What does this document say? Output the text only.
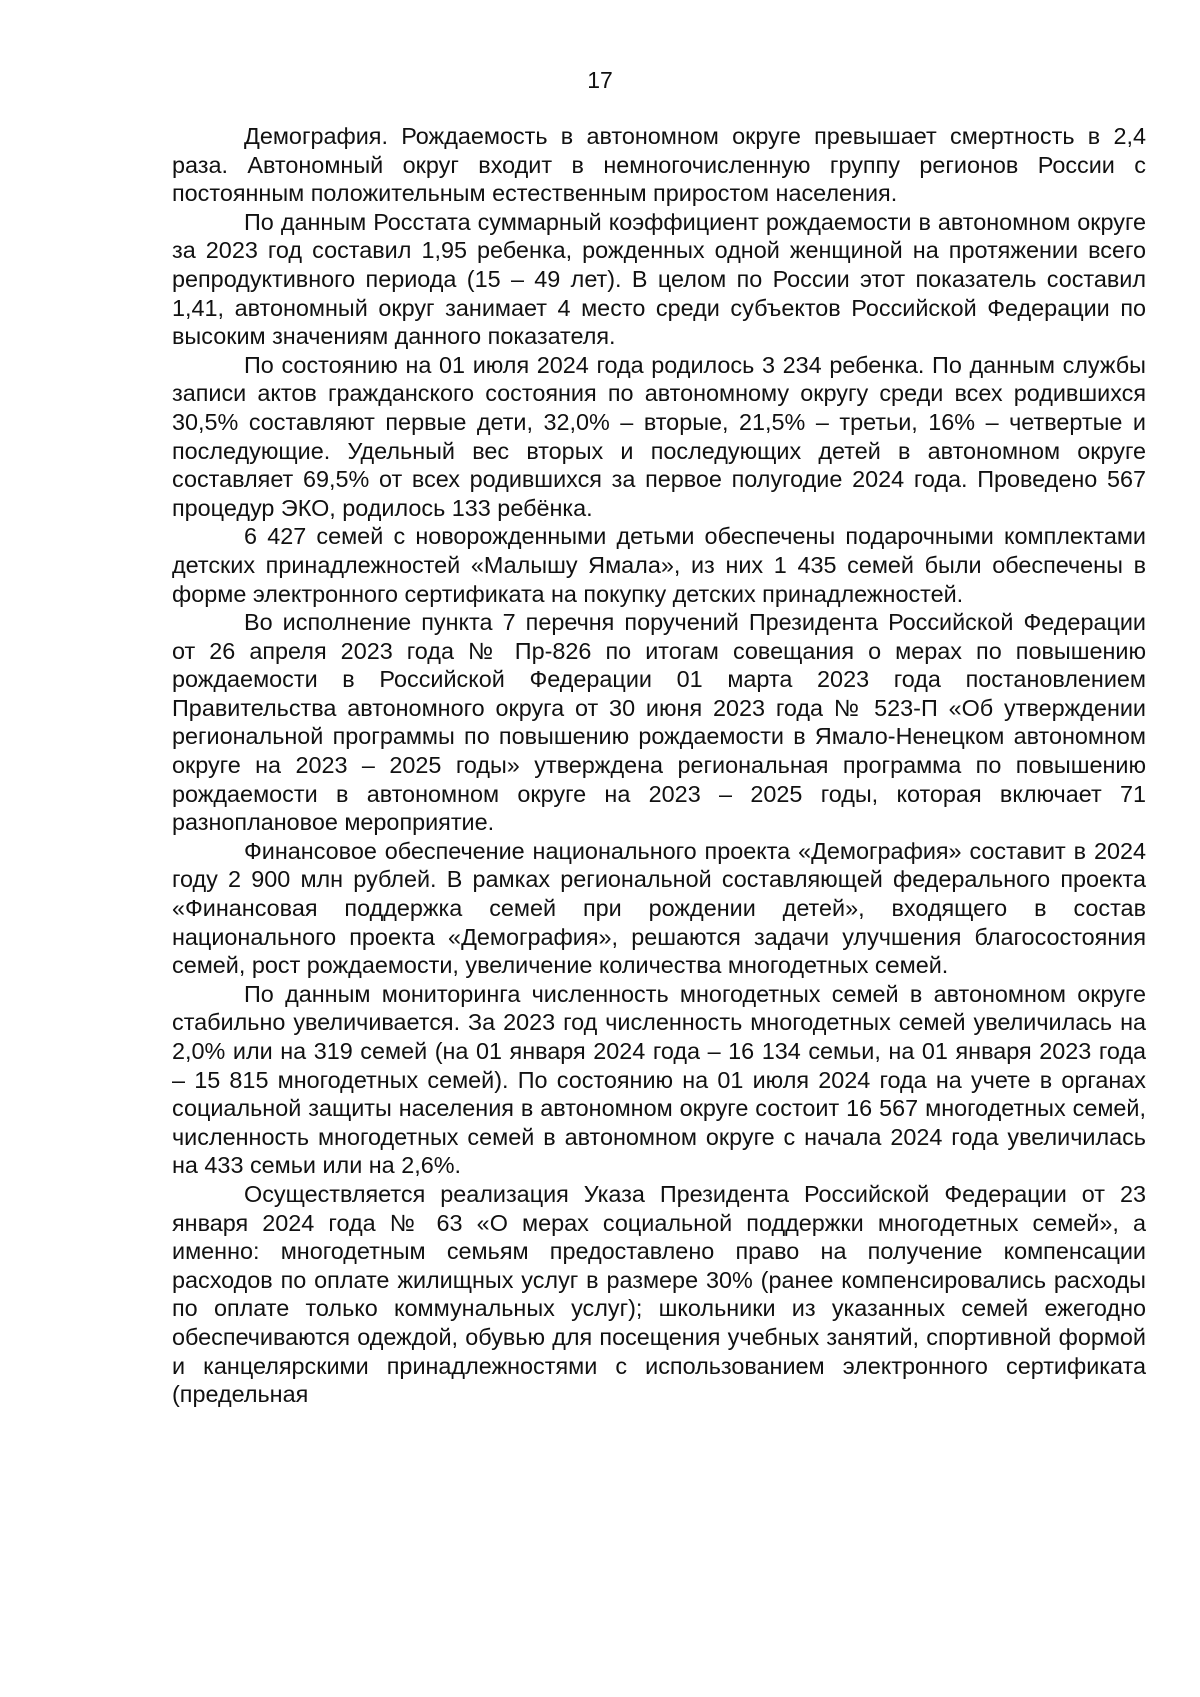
17

Демография. Рождаемость в автономном округе превышает смертность в 2,4 раза. Автономный округ входит в немногочисленную группу регионов России с постоянным положительным естественным приростом населения.

По данным Росстата суммарный коэффициент рождаемости в автономном округе за 2023 год составил 1,95 ребенка, рожденных одной женщиной на протяжении всего репродуктивного периода (15 – 49 лет). В целом по России этот показатель составил 1,41, автономный округ занимает 4 место среди субъектов Российской Федерации по высоким значениям данного показателя.

По состоянию на 01 июля 2024 года родилось 3 234 ребенка. По данным службы записи актов гражданского состояния по автономному округу среди всех родившихся 30,5% составляют первые дети, 32,0% – вторые, 21,5% – третьи, 16% – четвертые и последующие. Удельный вес вторых и последующих детей в автономном округе составляет 69,5% от всех родившихся за первое полугодие 2024 года. Проведено 567 процедур ЭКО, родилось 133 ребёнка.

6 427 семей с новорожденными детьми обеспечены подарочными комплектами детских принадлежностей «Малышу Ямала», из них 1 435 семей были обеспечены в форме электронного сертификата на покупку детских принадлежностей.

Во исполнение пункта 7 перечня поручений Президента Российской Федерации от 26 апреля 2023 года № Пр-826 по итогам совещания о мерах по повышению рождаемости в Российской Федерации 01 марта 2023 года постановлением Правительства автономного округа от 30 июня 2023 года № 523-П «Об утверждении региональной программы по повышению рождаемости в Ямало-Ненецком автономном округе на 2023 – 2025 годы» утверждена региональная программа по повышению рождаемости в автономном округе на 2023 – 2025 годы, которая включает 71 разноплановое мероприятие.

Финансовое обеспечение национального проекта «Демография» составит в 2024 году 2 900 млн рублей. В рамках региональной составляющей федерального проекта «Финансовая поддержка семей при рождении детей», входящего в состав национального проекта «Демография», решаются задачи улучшения благосостояния семей, рост рождаемости, увеличение количества многодетных семей.

По данным мониторинга численность многодетных семей в автономном округе стабильно увеличивается. За 2023 год численность многодетных семей увеличилась на 2,0% или на 319 семей (на 01 января 2024 года – 16 134 семьи, на 01 января 2023 года – 15 815 многодетных семей). По состоянию на 01 июля 2024 года на учете в органах социальной защиты населения в автономном округе состоит 16 567 многодетных семей, численность многодетных семей в автономном округе с начала 2024 года увеличилась на 433 семьи или на 2,6%.

Осуществляется реализация Указа Президента Российской Федерации от 23 января 2024 года № 63 «О мерах социальной поддержки многодетных семей», а именно: многодетным семьям предоставлено право на получение компенсации расходов по оплате жилищных услуг в размере 30% (ранее компенсировались расходы по оплате только коммунальных услуг); школьники из указанных семей ежегодно обеспечиваются одеждой, обувью для посещения учебных занятий, спортивной формой и канцелярскими принадлежностями с использованием электронного сертификата (предельная
